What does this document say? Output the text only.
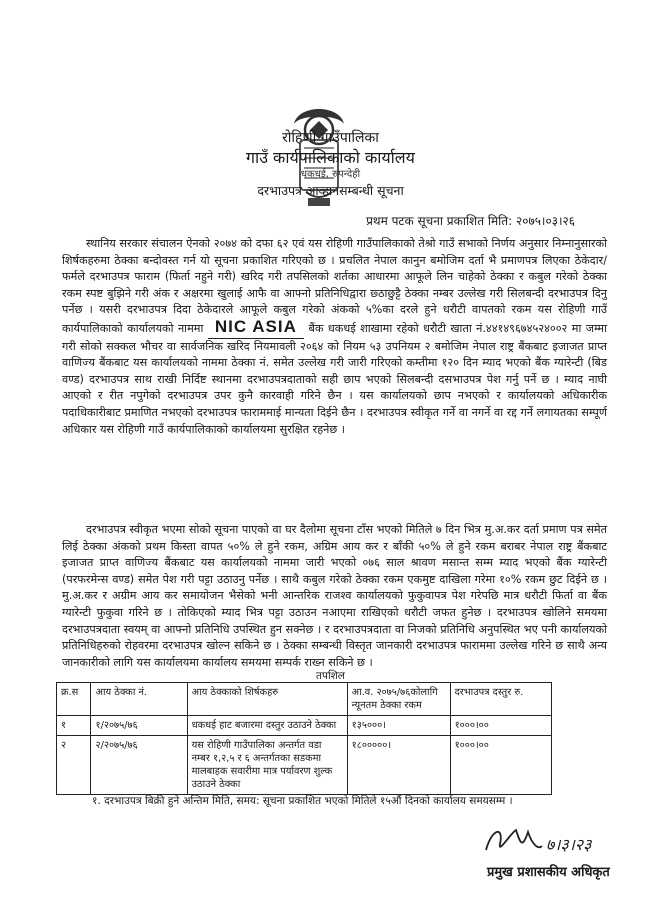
रोहिणी गाउँपालिका
गाउँ कार्यपालिकाको कार्यालय
धकधई, रुपन्देही
दरभाउपत्र आव्हानसम्बन्धी सूचना
प्रथम पटक सूचना प्रकाशित मिति: २०७५।०३।२६
स्थानिय सरकार संचालन ऐनको २०७४ को दफा ६२ एवं यस रोहिणी गाउँपालिकाको तेश्रो गाउँ सभाको निर्णय अनुसार निम्नानुसारको शिर्षकहरुमा ठेक्का बन्दोवस्त गर्न यो सूचना प्रकाशित गरिएको छ । प्रचलित नेपाल कानुन बमोजिम दर्ता भै प्रमाणपत्र लिएका ठेकेदार/फर्मले दरभाउपत्र फाराम (फिर्ता नहुने गरी) खरिद गरी तपसिलको शर्तका आधारमा आफूले लिन चाहेको ठेक्का र कबुल गरेको ठेक्का रकम स्पष्ट बुझिने गरी अंक र अक्षरमा खुलाई आफै वा आफ्नो प्रतिनिधिद्वारा छ्ठाछुट्टै ठेक्का नम्बर उल्लेख गरी सिलबन्दी दरभाउपत्र दिनु पर्नेछ । यसरी दरभाउपत्र दिदा ठेकेदारले आफूले कबुल गरेको अंकको ५%का दरले हुने धरौटी वापतको रकम यस रोहिणी गाउँ कार्यपालिकाको कार्यालयको नाममा NIC ASIA बैंक धकधई शाखामा रहेको धरौटी खाता नं.४४१४९६७४५२४००२ मा जम्मा गरी सोको सक्कल भौचर वा सार्वजनिक खरिद नियमावली २०६४ को नियम ५३ उपनियम २ बमोजिम नेपाल राष्ट्र बैंकबाट इजाजत प्राप्त वाणिज्य बैंकबाट यस कार्यालयको नाममा ठेक्का नं. समेत उल्लेख गरी जारी गरिएको कम्तीमा १२० दिन म्याद भएको बैंक ग्यारेन्टी (बिड वण्ड) दरभाउपत्र साथ राखी निर्दिष्ट स्थानमा दरभाउपत्रदाताको सही छाप भएको सिलबन्दी दसभाउपत्र पेश गर्नु पर्ने छ । म्याद नाघी आएको र रीत नपुगेको दरभाउपत्र उपर कुनै कारवाही गरिने छैन । यस कार्यालयको छाप नभएको र कार्यालयको अधिकारीक पदाधिकारीबाट प्रमाणित नभएको दरभाउपत्र फाराममाई मान्यता दिईने छैन । दरभाउपत्र स्वीकृत गर्ने वा नगर्ने वा रद्द गर्ने लगायतका सम्पूर्ण अधिकार यस रोहिणी गाउँ कार्यपालिकाको कार्यालयमा सुरक्षित रहनेछ ।
दरभाउपत्र स्वीकृत भएमा सोको सूचना पाएको वा घर दैलोमा सूचना टाँस भएको मितिले ७ दिन भित्र मु.अ.कर दर्ता प्रमाण पत्र समेत लिई ठेक्का अंकको प्रथम किस्ता वापत ५०% ले हुने रकम, अग्रिम आय कर र बाँकी ५०% ले हुने रकम बराबर नेपाल राष्ट्र बैंकबाट इजाजत प्राप्त वाणिज्य बैंकबाट यस कार्यालयको नाममा जारी भएको ०७६ साल श्रावण मसान्त सम्म म्याद भएको बैंक ग्यारेन्टी (परफरमेन्स वण्ड) समेत पेश गरी पट्टा उठाउनु पर्नेछ । साथै कबुल गरेको ठेक्का रकम एकमुष्ट दाखिला गरेमा १०% रकम छुट दिईने छ । मु.अ.कर र अग्रीम आय कर समायोजन भैसेको भनी आन्तरिक राजश्व कार्यालयको फुकुवापत्र पेश गरेपछि मात्र धरौटी फिर्ता वा बैंक ग्यारेन्टी फुकुवा गरिने छ । तोकिएको म्याद भित्र पट्टा उठाउन नआएमा राखिएको धरौटी जफत हुनेछ । दरभाउपत्र खोलिने समयमा दरभाउपत्रदाता स्वयम् वा आफ्नो प्रतिनिधि उपस्थित हुन सक्नेछ । र दरभाउपत्रदाता वा निजको प्रतिनिधि अनुपस्थित भए पनी कार्यालयको प्रतिनिधिहरुको रोहवरमा दरभाउपत्र खोल्न सकिने छ । ठेक्का सम्बन्धी विस्तृत जानकारी दरभाउपत्र फाराममा उल्लेख गरिने छ साथै अन्य जानकारीको लागि यस कार्यालयमा कार्यालय समयमा सम्पर्क राख्न सकिने छ ।
तपशिल
क्र.स	आय ठेक्का नं.	आय ठेक्काको शिर्षकहरु	आ.व. २०७५/७६कोलागि न्यूनतम ठेक्का रकम	दरभाउपत्र दस्तुर रु.
१	१/२०७५/७६	धकधई हाट बजारमा दस्तुर उठाउने ठेक्का	१३५०००।	१०००।००
२	२/२०७५/७६	यस रोहिणी गाउँपालिका अन्तर्गत वडा नम्बर १,२,५ र ६ अन्तर्गतका सडकमा मालबाहक सवारीमा मात्र पर्यावरण शुल्क उठाउने ठेक्का	१८०००००।	१०००।००
१. दरभाउपत्र बिक्री हुने अन्तिम मिति, समय: सूचना प्रकाशित भएको मितिले १५औं दिनको कार्यालय समयसम्म ।
७।३।२३
प्रमुख प्रशासकीय अधिकृत
